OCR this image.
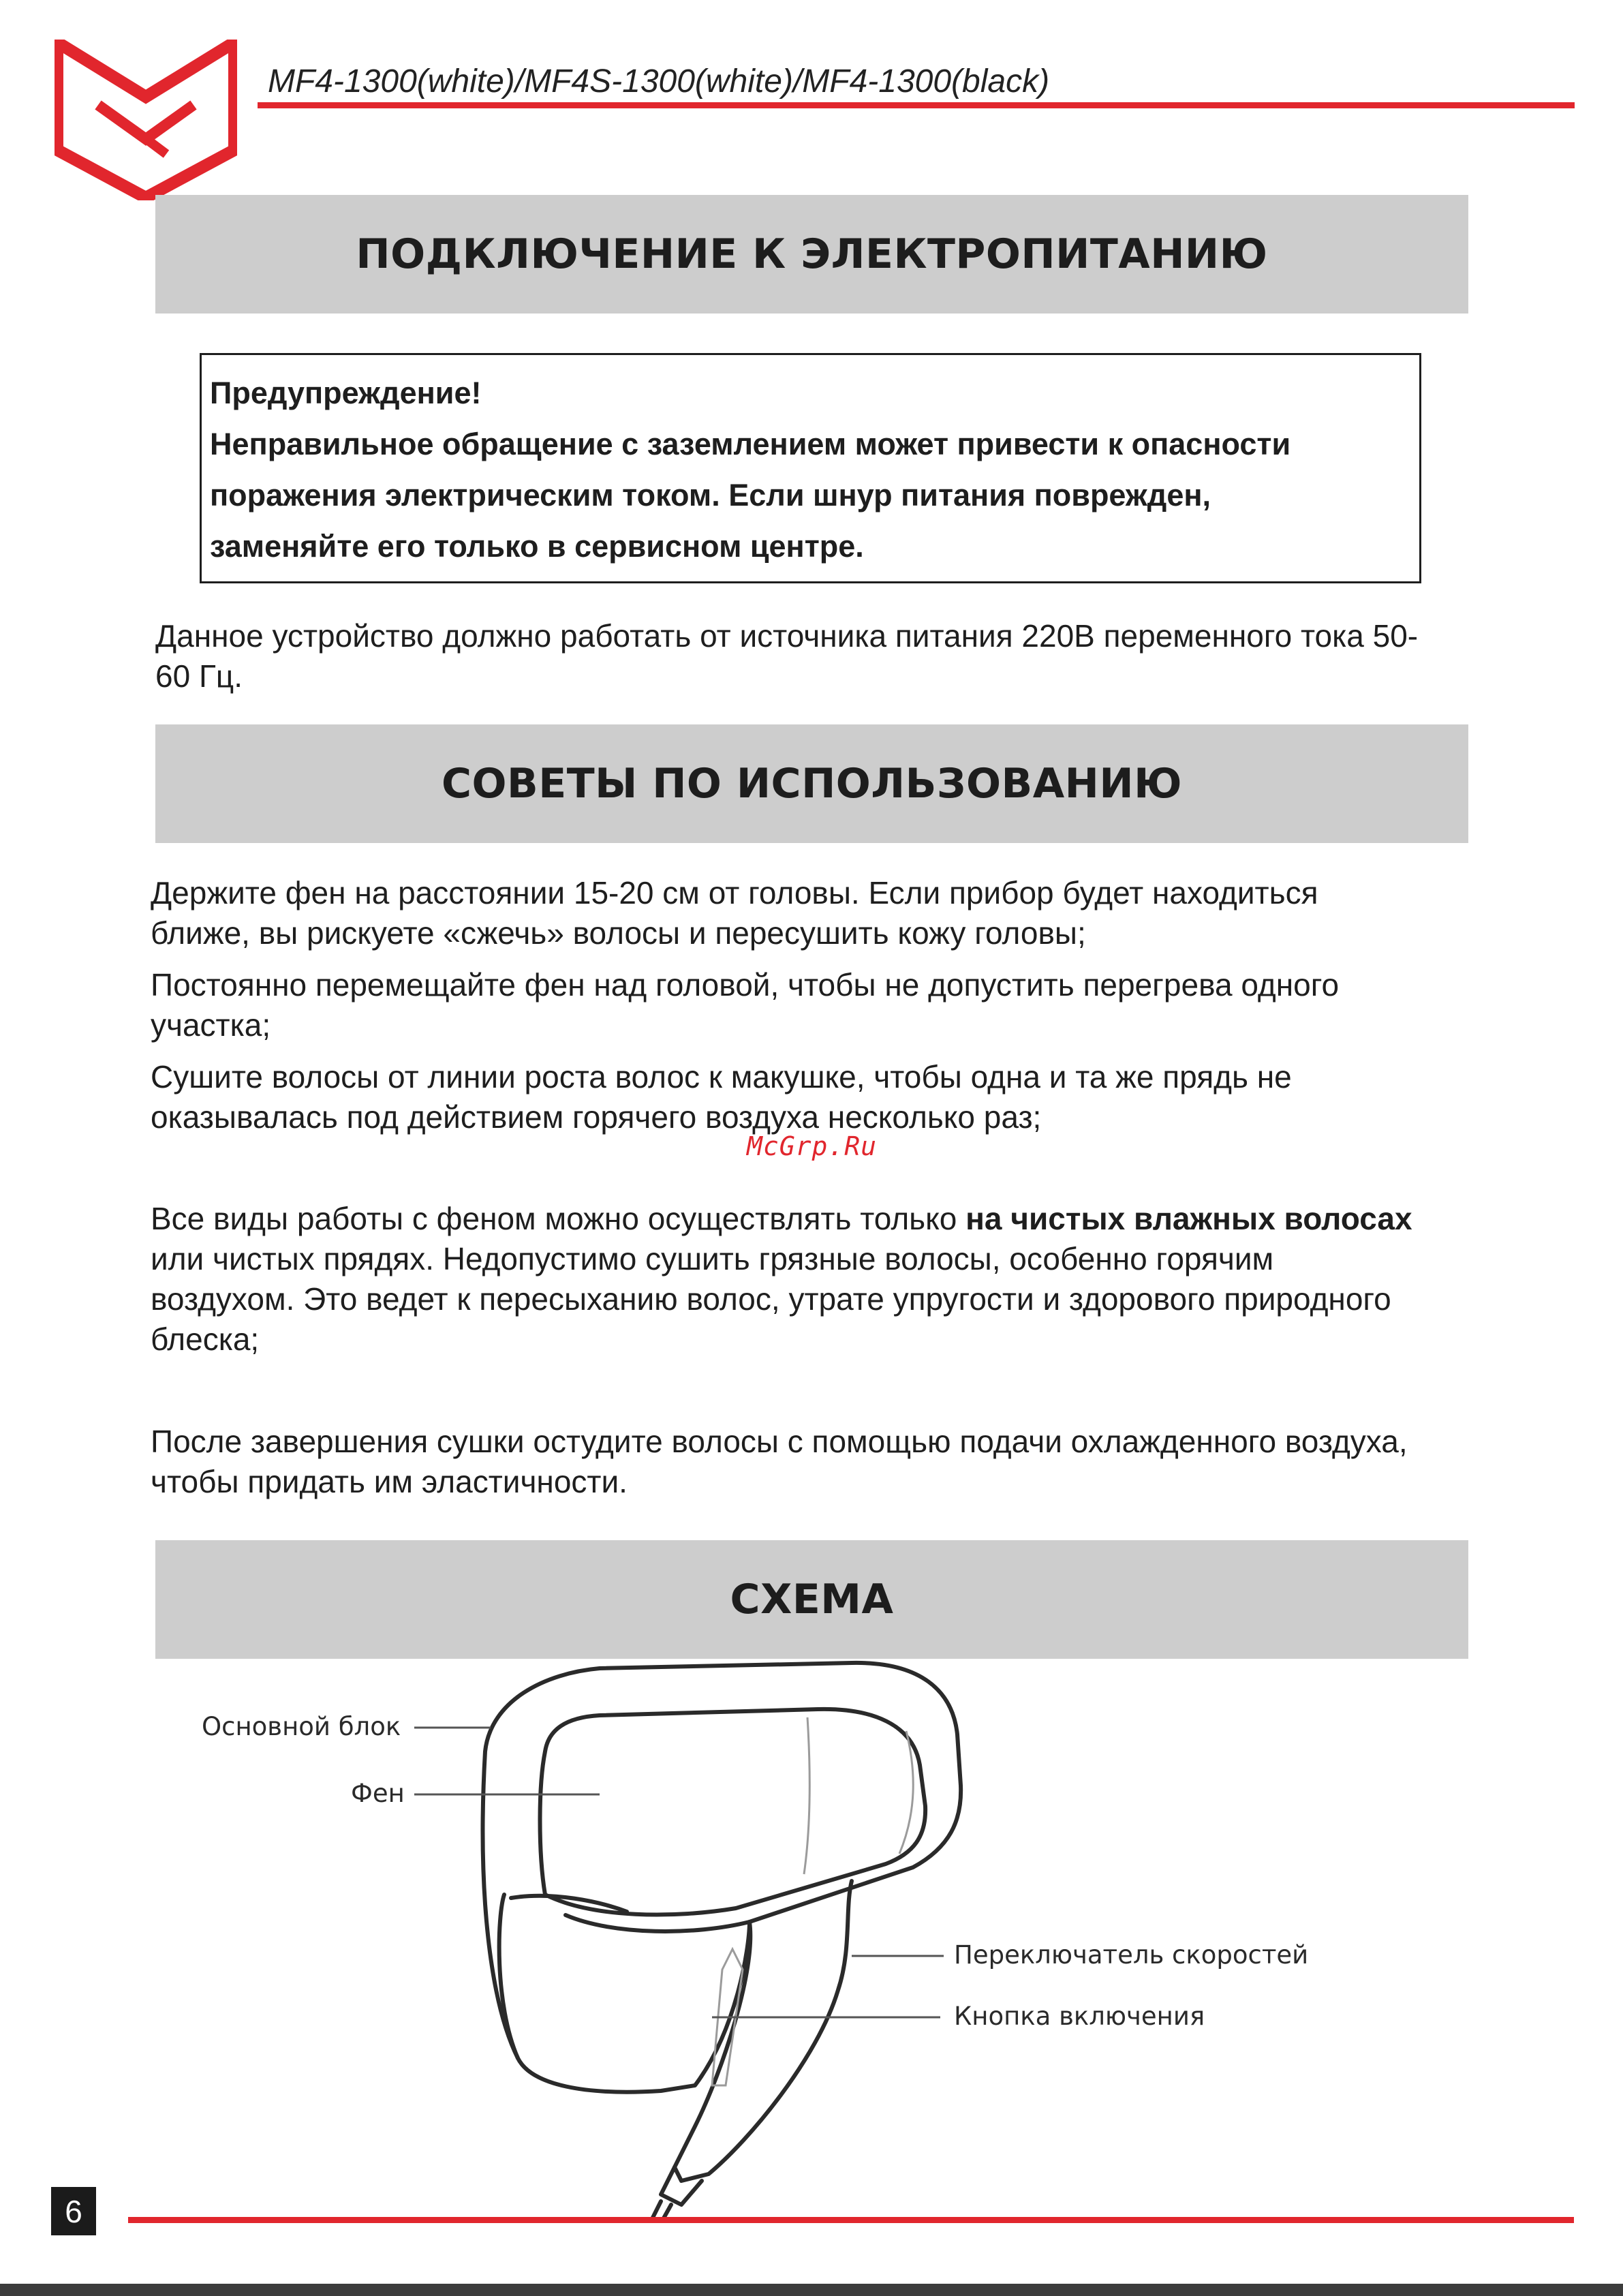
MF4-1300(white)/MF4S-1300(white)/MF4-1300(black)
ПОДКЛЮЧЕНИЕ К ЭЛЕКТРОПИТАНИЮ
Предупреждение!
Неправильное обращение с заземлением может привести к опасности
поражения электрическим током. Если шнур питания поврежден,
заменяйте его только в сервисном центре.

Данное устройство должно работать от источника питания 220В переменного тока 50-60 Гц.

СОВЕТЫ ПО ИСПОЛЬЗОВАНИЮ

Держите фен на расстоянии 15-20 см от головы. Если прибор будет находиться ближе, вы рискуете «сжечь» волосы и пересушить кожу головы;

Постоянно перемещайте фен над головой, чтобы не допустить перегрева одного участка;

Сушите волосы от линии роста волос к макушке, чтобы одна и та же прядь не оказывалась под действием горячего воздуха несколько раз;

McGrp.Ru

Все виды работы с феном можно осуществлять только на чистых влажных волосах или чистых прядях. Недопустимо сушить грязные волосы, особенно горячим воздухом. Это ведет к пересыханию волос, утрате упругости и здорового природного блеска;

После завершения сушки остудите волосы с помощью подачи охлажденного воздуха, чтобы придать им эластичности.

СХЕМА
Основной блок
Фен
Переключатель скоростей
Кнопка включения
6
